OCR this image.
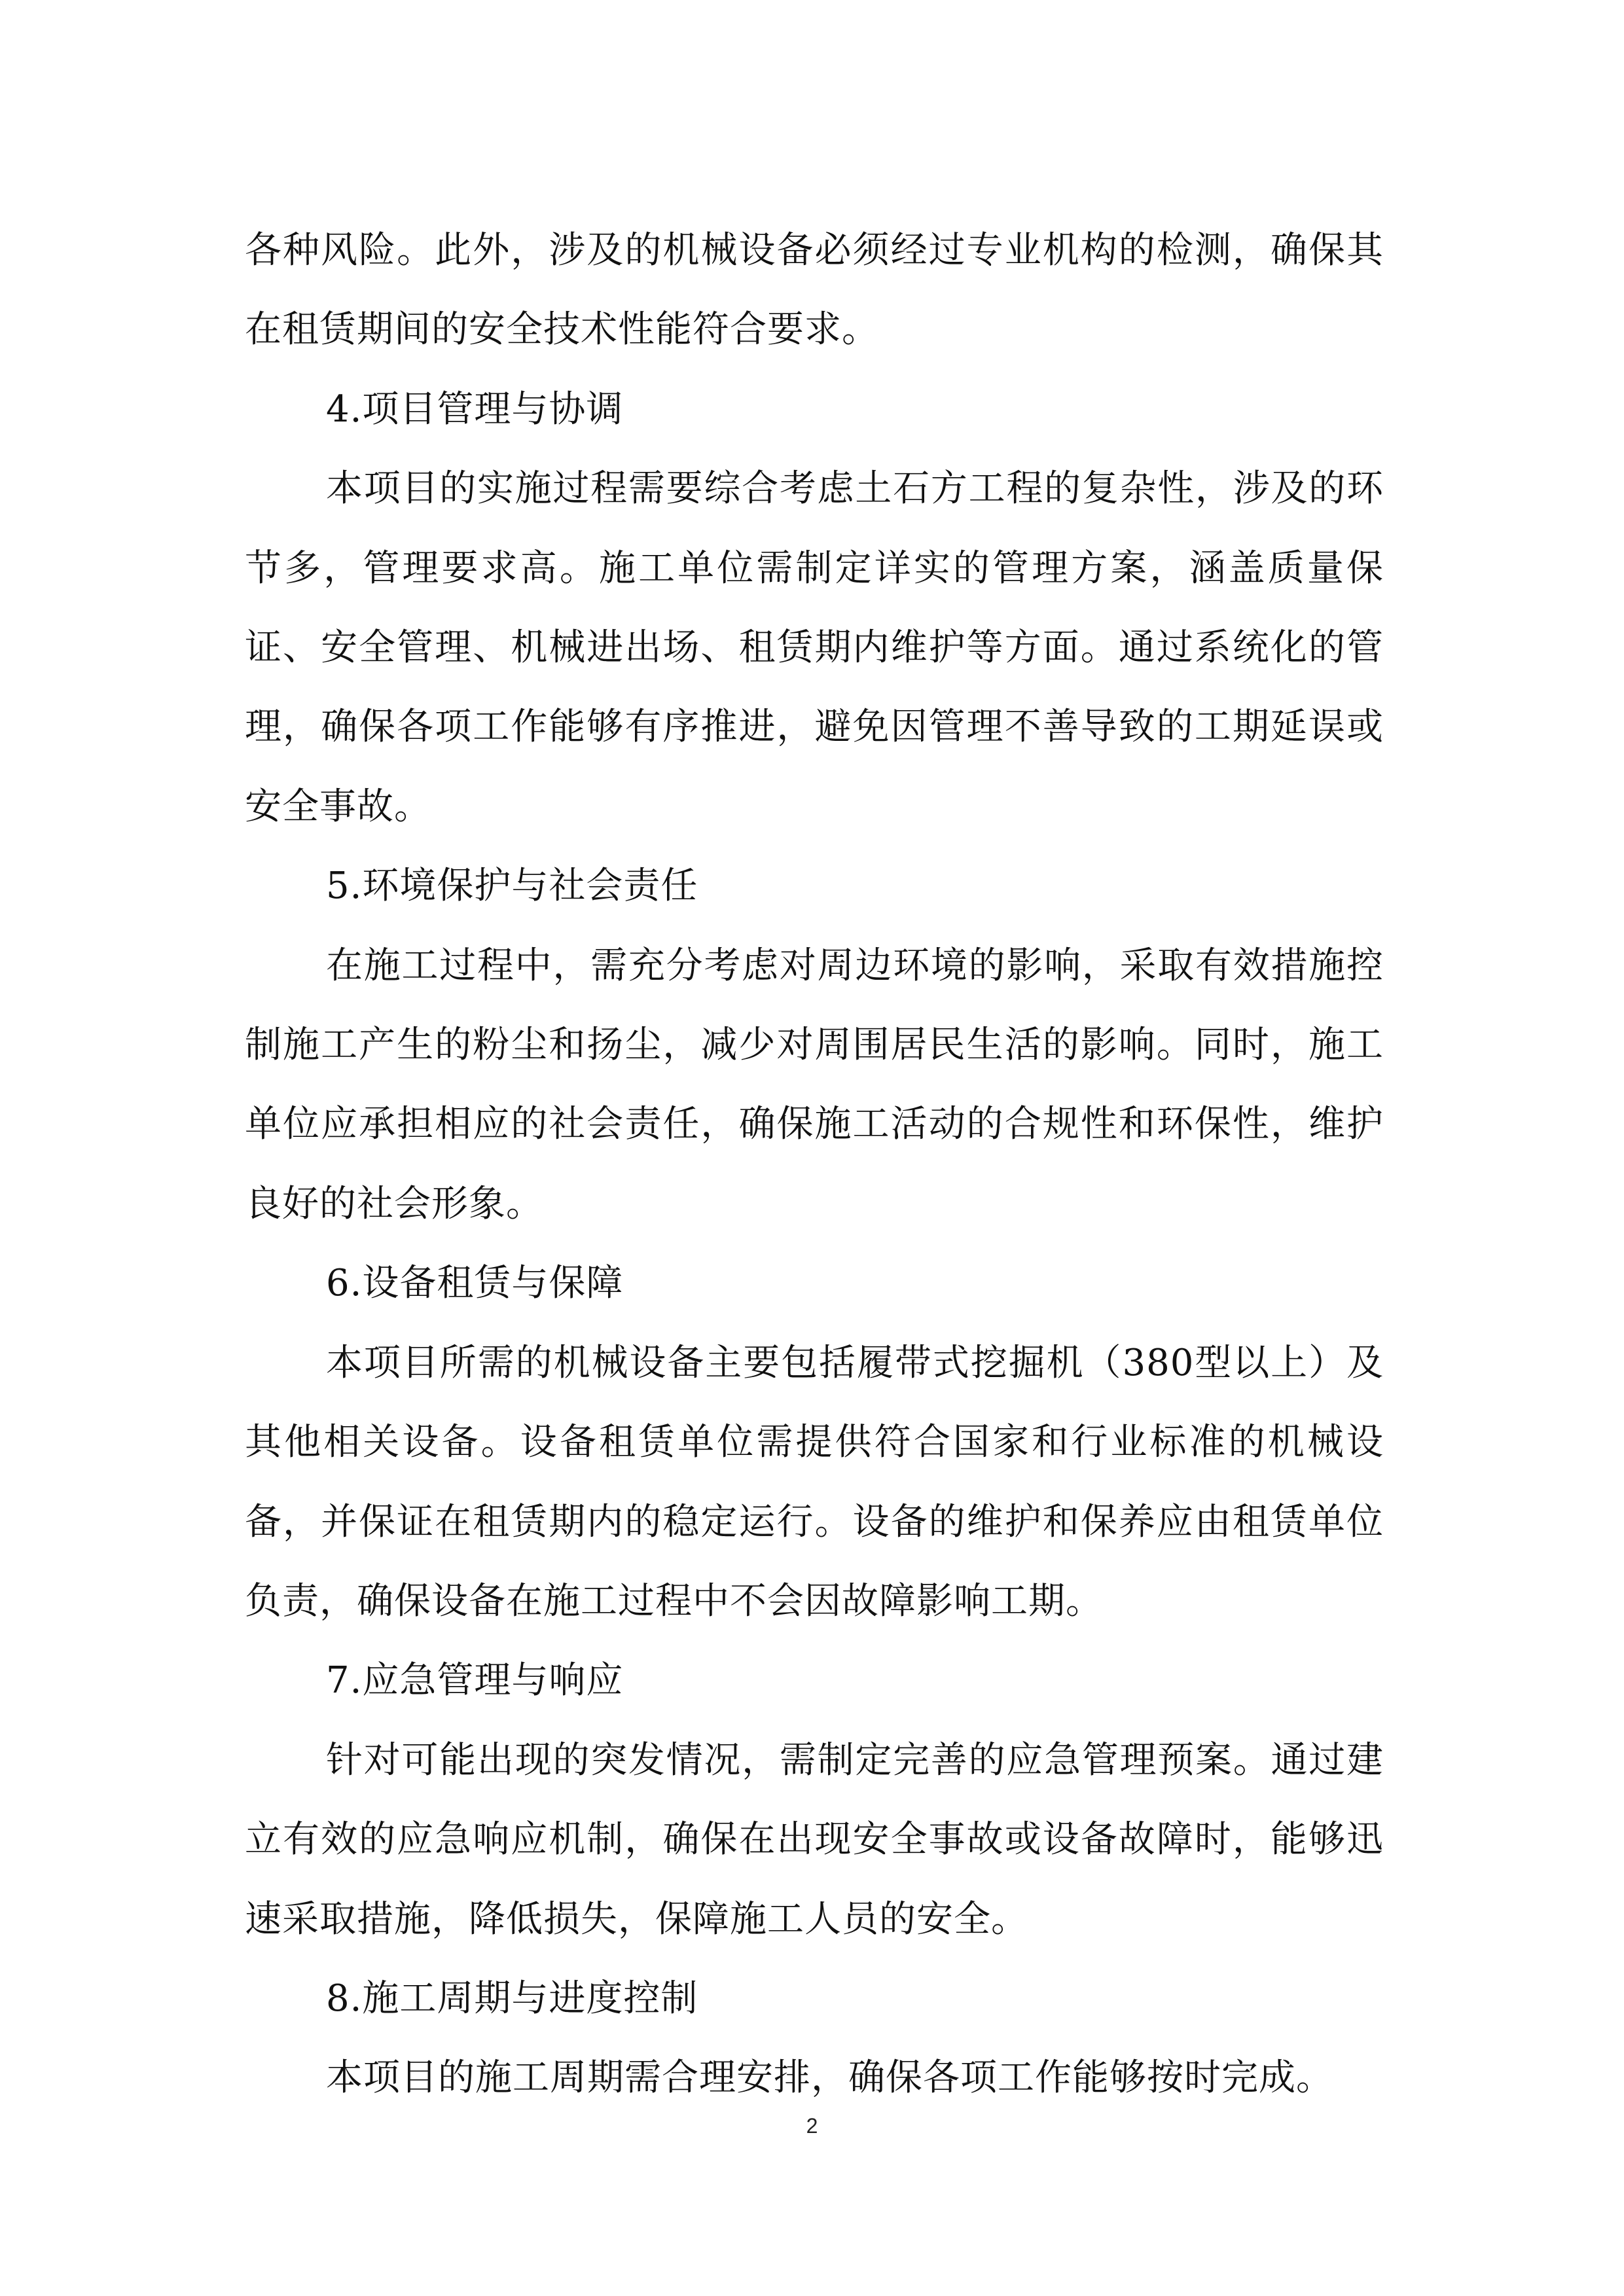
各种风险。此外，涉及的机械设备必须经过专业机构的检测，确保其在租赁期间的安全技术性能符合要求。

4.项目管理与协调

本项目的实施过程需要综合考虑土石方工程的复杂性，涉及的环节多，管理要求高。施工单位需制定详实的管理方案，涵盖质量保证、安全管理、机械进出场、租赁期内维护等方面。通过系统化的管理，确保各项工作能够有序推进，避免因管理不善导致的工期延误或安全事故。

5.环境保护与社会责任

在施工过程中，需充分考虑对周边环境的影响，采取有效措施控制施工产生的粉尘和扬尘，减少对周围居民生活的影响。同时，施工单位应承担相应的社会责任，确保施工活动的合规性和环保性，维护良好的社会形象。

6.设备租赁与保障

本项目所需的机械设备主要包括履带式挖掘机（380型以上）及其他相关设备。设备租赁单位需提供符合国家和行业标准的机械设备，并保证在租赁期内的稳定运行。设备的维护和保养应由租赁单位负责，确保设备在施工过程中不会因故障影响工期。

7.应急管理与响应

针对可能出现的突发情况，需制定完善的应急管理预案。通过建立有效的应急响应机制，确保在出现安全事故或设备故障时，能够迅速采取措施，降低损失，保障施工人员的安全。

8.施工周期与进度控制

本项目的施工周期需合理安排，确保各项工作能够按时完成。

2
